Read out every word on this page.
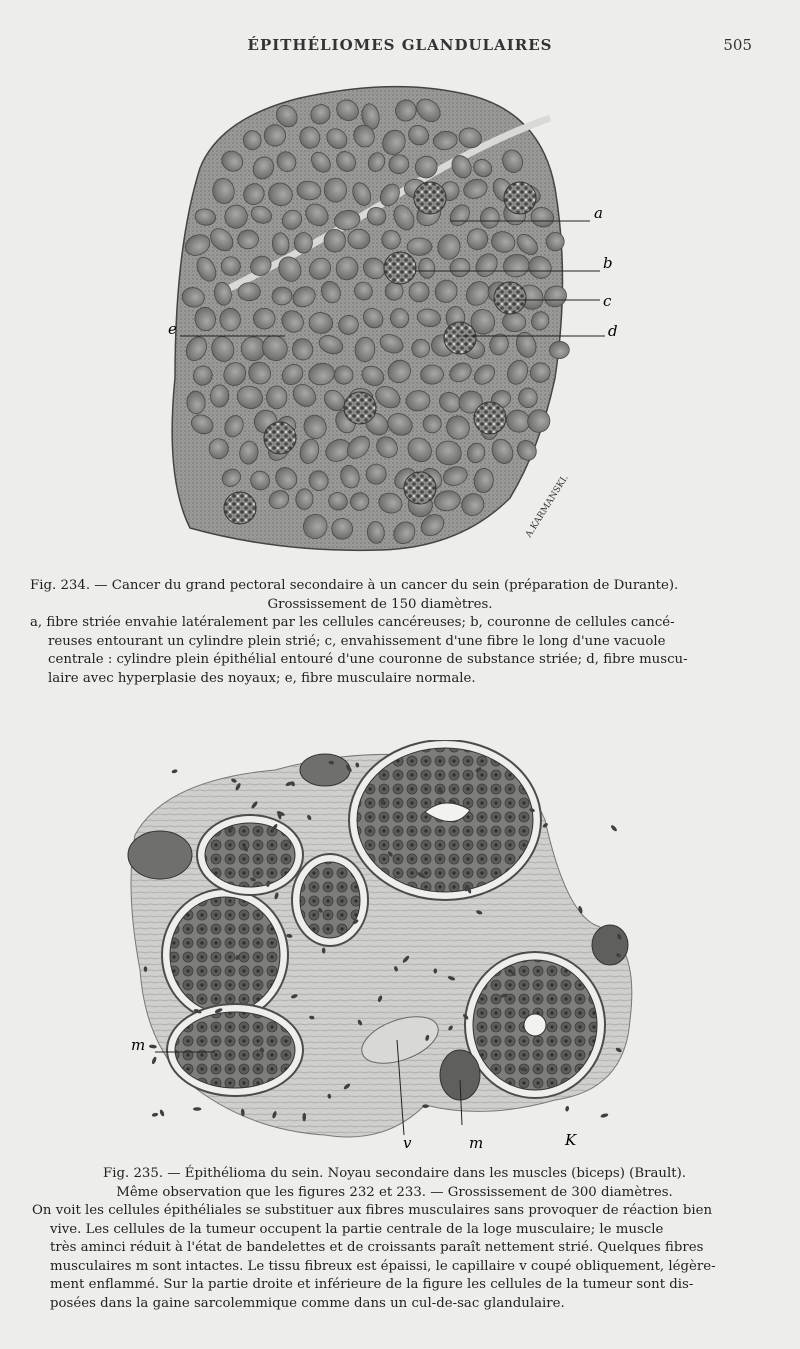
ÉPITHÉLIOMES GLANDULAIRES	505
a
b
c
d
e
A.KARMANSKI.
Fig. 234. — Cancer du grand pectoral secondaire à un cancer du sein (préparation de Durante).
Grossissement de 150 diamètres.
a, fibre striée envahie latéralement par les cellules cancéreuses; b, couronne de cellules cancé-
reuses entourant un cylindre plein strié; c, envahissement d'une fibre le long d'une vacuole
centrale : cylindre plein épithélial entouré d'une couronne de substance striée; d, fibre muscu-
laire avec hyperplasie des noyaux; e, fibre musculaire normale.
m
v	m	K
Fig. 235. — Épithélioma du sein. Noyau secondaire dans les muscles (biceps) (Brault).
Même observation que les figures 232 et 233. — Grossissement de 300 diamètres.
On voit les cellules épithéliales se substituer aux fibres musculaires sans provoquer de réaction bien
vive. Les cellules de la tumeur occupent la partie centrale de la loge musculaire; le muscle
très aminci réduit à l'état de bandelettes et de croissants paraît nettement strié. Quelques fibres
musculaires m sont intactes. Le tissu fibreux est épaissi, le capillaire v coupé obliquement, légère-
ment enflammé. Sur la partie droite et inférieure de la figure les cellules de la tumeur sont dis-
posées dans la gaine sarcolemmique comme dans un cul-de-sac glandulaire.
